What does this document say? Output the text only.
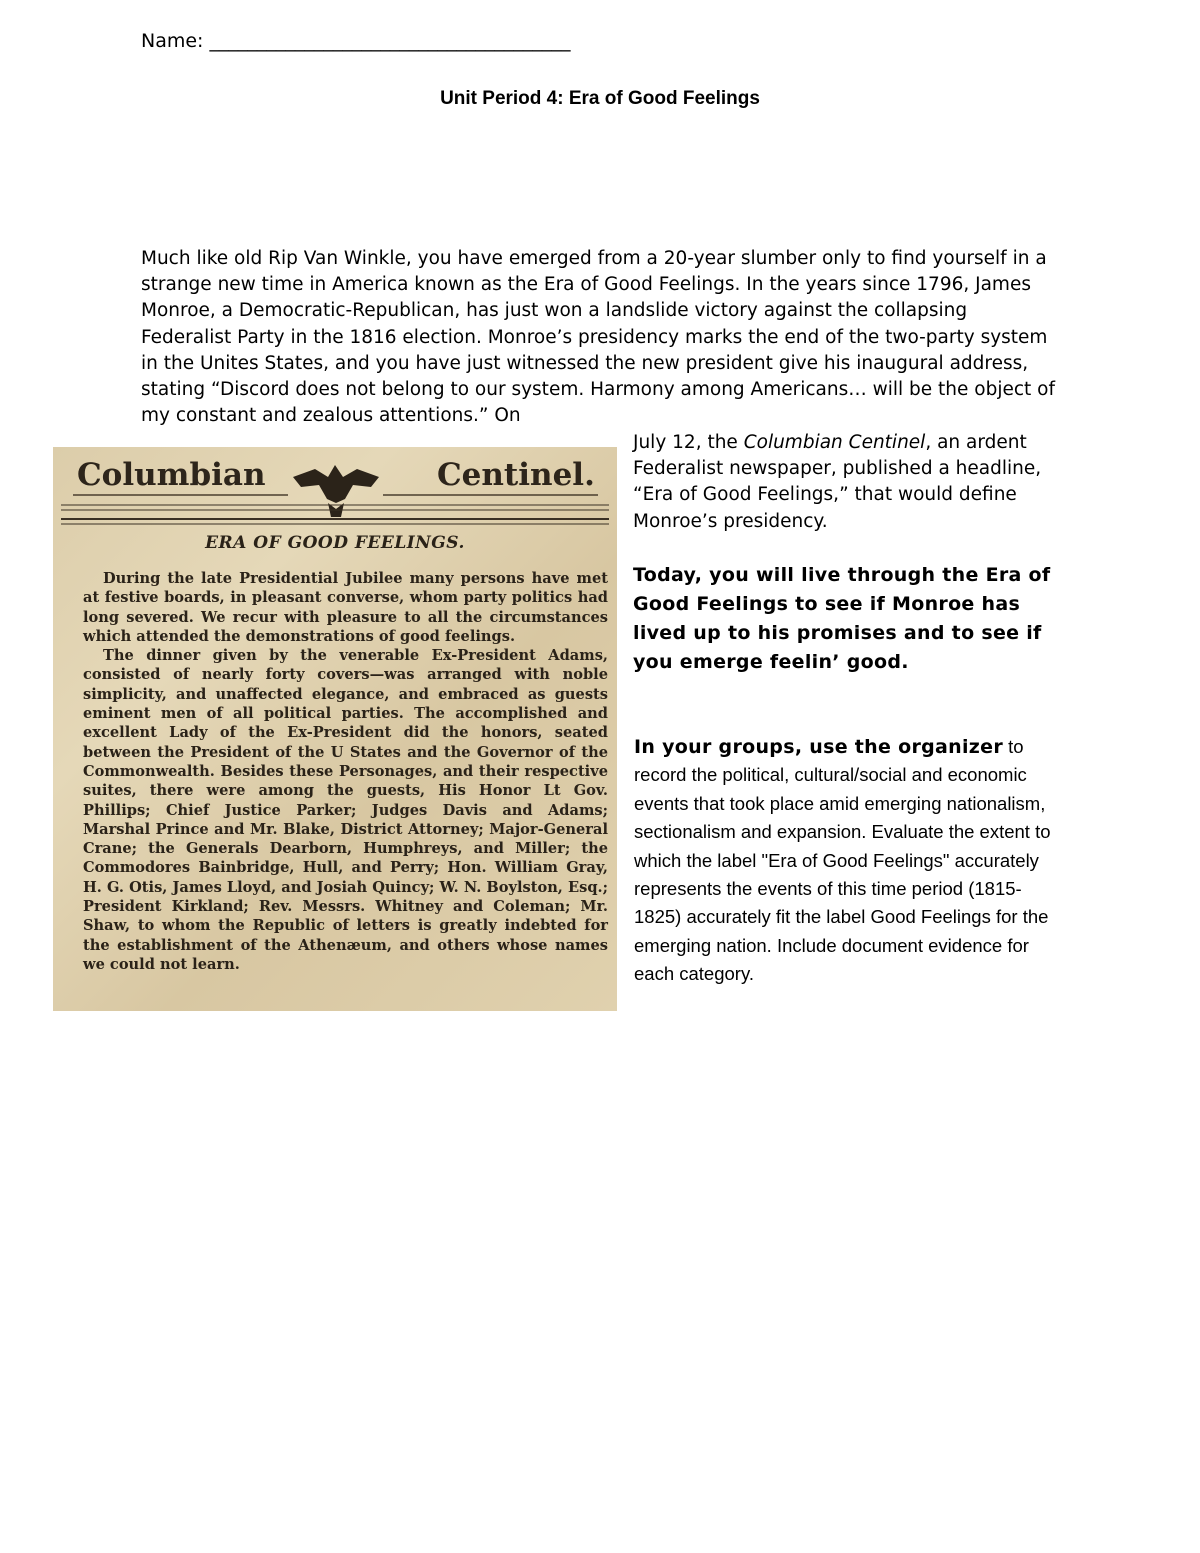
Name: ______________________________________
Unit Period 4: Era of Good Feelings

Much like old Rip Van Winkle, you have emerged from a 20-year slumber only to find yourself in a strange new time in America known as the Era of Good Feelings. In the years since 1796, James Monroe, a Democratic-Republican, has just won a landslide victory against the collapsing Federalist Party in the 1816 election. Monroe’s presidency marks the end of the two-party system in the Unites States, and you have just witnessed the new president give his inaugural address, stating “Discord does not belong to our system. Harmony among Americans… will be the object of my constant and zealous attentions.” On

Columbian	Centinel.
ERA OF GOOD FEELINGS.

During the late Presidential Jubilee many persons have met at festive boards, in pleasant converse, whom party politics had long severed. We recur with pleasure to all the circumstances which attended the demonstrations of good feelings.
The dinner given by the venerable Ex-President Adams, consisted of nearly forty covers—was arranged with noble simplicity, and unaffected elegance, and embraced as guests eminent men of all political parties. The accomplished and excellent Lady of the Ex-President did the honors, seated between the President of the U States and the Governor of the Commonwealth. Besides these Personages, and their respective suites, there were among the guests, His Honor Lt Gov. Phillips; Chief Justice Parker; Judges Davis and Adams; Marshal Prince and Mr. Blake, District Attorney; Major-General Crane; the Generals Dearborn, Humphreys, and Miller; the Commodores Bainbridge, Hull, and Perry; Hon. William Gray, H. G. Otis, James Lloyd, and Josiah Quincy; W. N. Boylston, Esq.; President Kirkland; Rev. Messrs. Whitney and Coleman; Mr. Shaw, to whom the Republic of letters is greatly indebted for the establishment of the Athenæum, and others whose names we could not learn.

July 12, the Columbian Centinel, an ardent Federalist newspaper, published a headline, “Era of Good Feelings,” that would define Monroe’s presidency.

Today, you will live through the Era of Good Feelings to see if Monroe has lived up to his promises and to see if you emerge feelin’ good.

In your groups, use the organizer to record the political, cultural/social and economic events that took place amid emerging nationalism, sectionalism and expansion. Evaluate the extent to which the label "Era of Good Feelings" accurately represents the events of this time period (1815-1825) accurately fit the label Good Feelings for the emerging nation. Include document evidence for each category.
